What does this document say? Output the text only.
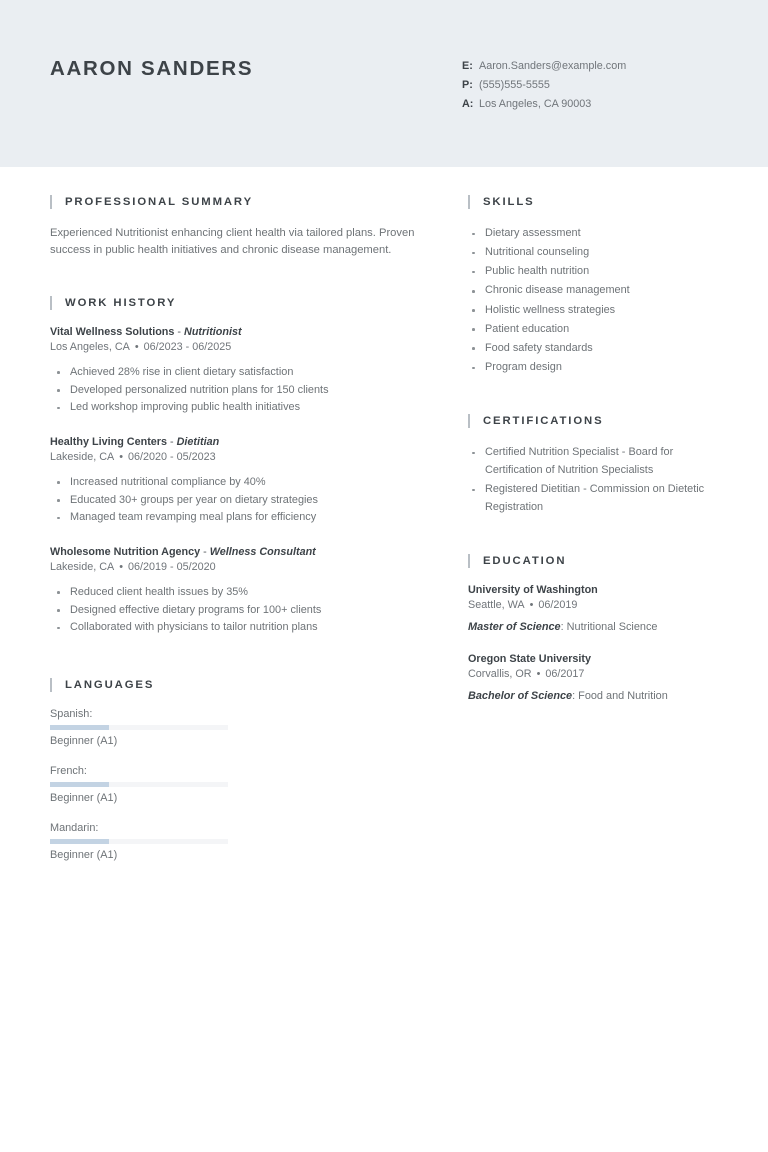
AARON SANDERS	E: Aaron.Sanders@example.com
P: (555)555-5555
A: Los Angeles, CA 90003
PROFESSIONAL SUMMARY
Experienced Nutritionist enhancing client health via tailored plans. Proven success in public health initiatives and chronic disease management.
WORK HISTORY
Vital Wellness Solutions - Nutritionist
Los Angeles, CA • 06/2023 - 06/2025
Achieved 28% rise in client dietary satisfaction
Developed personalized nutrition plans for 150 clients
Led workshop improving public health initiatives
Healthy Living Centers - Dietitian
Lakeside, CA • 06/2020 - 05/2023
Increased nutritional compliance by 40%
Educated 30+ groups per year on dietary strategies
Managed team revamping meal plans for efficiency
Wholesome Nutrition Agency - Wellness Consultant
Lakeside, CA • 06/2019 - 05/2020
Reduced client health issues by 35%
Designed effective dietary programs for 100+ clients
Collaborated with physicians to tailor nutrition plans
LANGUAGES
Spanish:
Beginner (A1)
French:
Beginner (A1)
Mandarin:
Beginner (A1)
SKILLS
Dietary assessment
Nutritional counseling
Public health nutrition
Chronic disease management
Holistic wellness strategies
Patient education
Food safety standards
Program design
CERTIFICATIONS
Certified Nutrition Specialist - Board for Certification of Nutrition Specialists
Registered Dietitian - Commission on Dietetic Registration
EDUCATION
University of Washington
Seattle, WA • 06/2019
Master of Science: Nutritional Science
Oregon State University
Corvallis, OR • 06/2017
Bachelor of Science: Food and Nutrition
